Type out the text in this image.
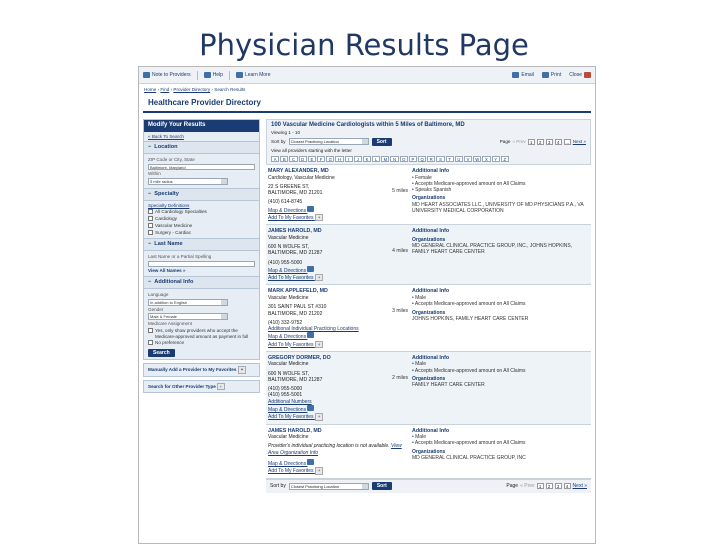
Physician Results Page
Note to Providers	Help	Learn More	Email	Print Close
Home › Find › Provider Directory › Search Results
Healthcare Provider Directory
Modify Your Results
« Back To Search
− Location
ZIP Code or City, State
Baltimore, Maryland
Within
5 mile radius
− Specialty
Specialty Definitions
All Cardiology Specialties
Cardiology
Vascular Medicine
Surgery - Cardiac
− Last Name
Last Name or a Partial Spelling
View All Names »
− Additional Info
Language
In addition to English
Gender
Male & Female
Medicare Assignment
Yes, only show providers who accept the Medicare-approved amount as payment in full
No preference
Search
Manually Add a Provider to My Favorites +
Search for Other Provider Type ›
100 Vascular Medicine Cardiologists within 5 Miles of Baltimore, MD
Viewing 1 - 10
Sort by	Closest Practicing Location	Sort	Page « Prev 1	2	3	4	... Next »
View all providers starting with the letter
A	B	C	D	E	F	G	H	I	J	K	L	M	N	O	P	Q	R	S	T	U	V	W	X	Y	Z
MARY ALEXANDER, MD
Cardiology, Vascular Medicine
22 S GREENE ST,
BALTIMORE, MD 21201
(410) 614-8745
Map & Directions
Add To My Favorites +
5 miles
Additional Info
• Female
• Accepts Medicare-approved amount on All Claims
• Speaks Spanish
Organizations
MD HEART ASSOCIATES LLC., UNIVERSITY OF MD PHYSICIANS P.A., VA UNIVERSITY MEDICAL CORPORATION
JAMES HAROLD, MD
Vascular Medicine
600 N WOLFE ST,
BALTIMORE, MD 21287
(410) 955-5000
Map & Directions
Add To My Favorites +
4 miles
Additional Info
Organizations
MD GENERAL CLINICAL PRACTICE GROUP, INC., JOHNS HOPKINS, FAMILY HEART CARE CENTER
MARK APPLEFELD, MD
Vascular Medicine
301 SAINT PAUL ST #310
BALTIMORE, MD 21202
(410) 332-9752
Additional Individual Practicing Locations
Map & Directions
Add To My Favorites +
3 miles
Additional Info
• Male
• Accepts Medicare-approved amount on All Claims
Organizations
JOHNS HOPKINS, FAMILY HEART CARE CENTER
GREGORY DORMER, DO
Vascular Medicine
600 N WOLFE ST,
BALTIMORE, MD 21287
(410) 955-5000
(410) 955-5001
Additional Numbers
Map & Directions
Add To My Favorites +
2 miles
Additional Info
• Male
• Accepts Medicare-approved amount on All Claims
Organizations
FAMILY HEART CARE CENTER
JAMES HAROLD, MD
Vascular Medicine
Provider's individual practicing location is not available. View Area Organization Info
Map & Directions
Add To My Favorites +
Additional Info
• Male
• Accepts Medicare-approved amount on All Claims
Organizations
MD GENERAL CLINICAL PRACTICE GROUP, INC
Sort by	Closest Practicing Location	Sort	Page « Prev 1	2	3	4 Next »
